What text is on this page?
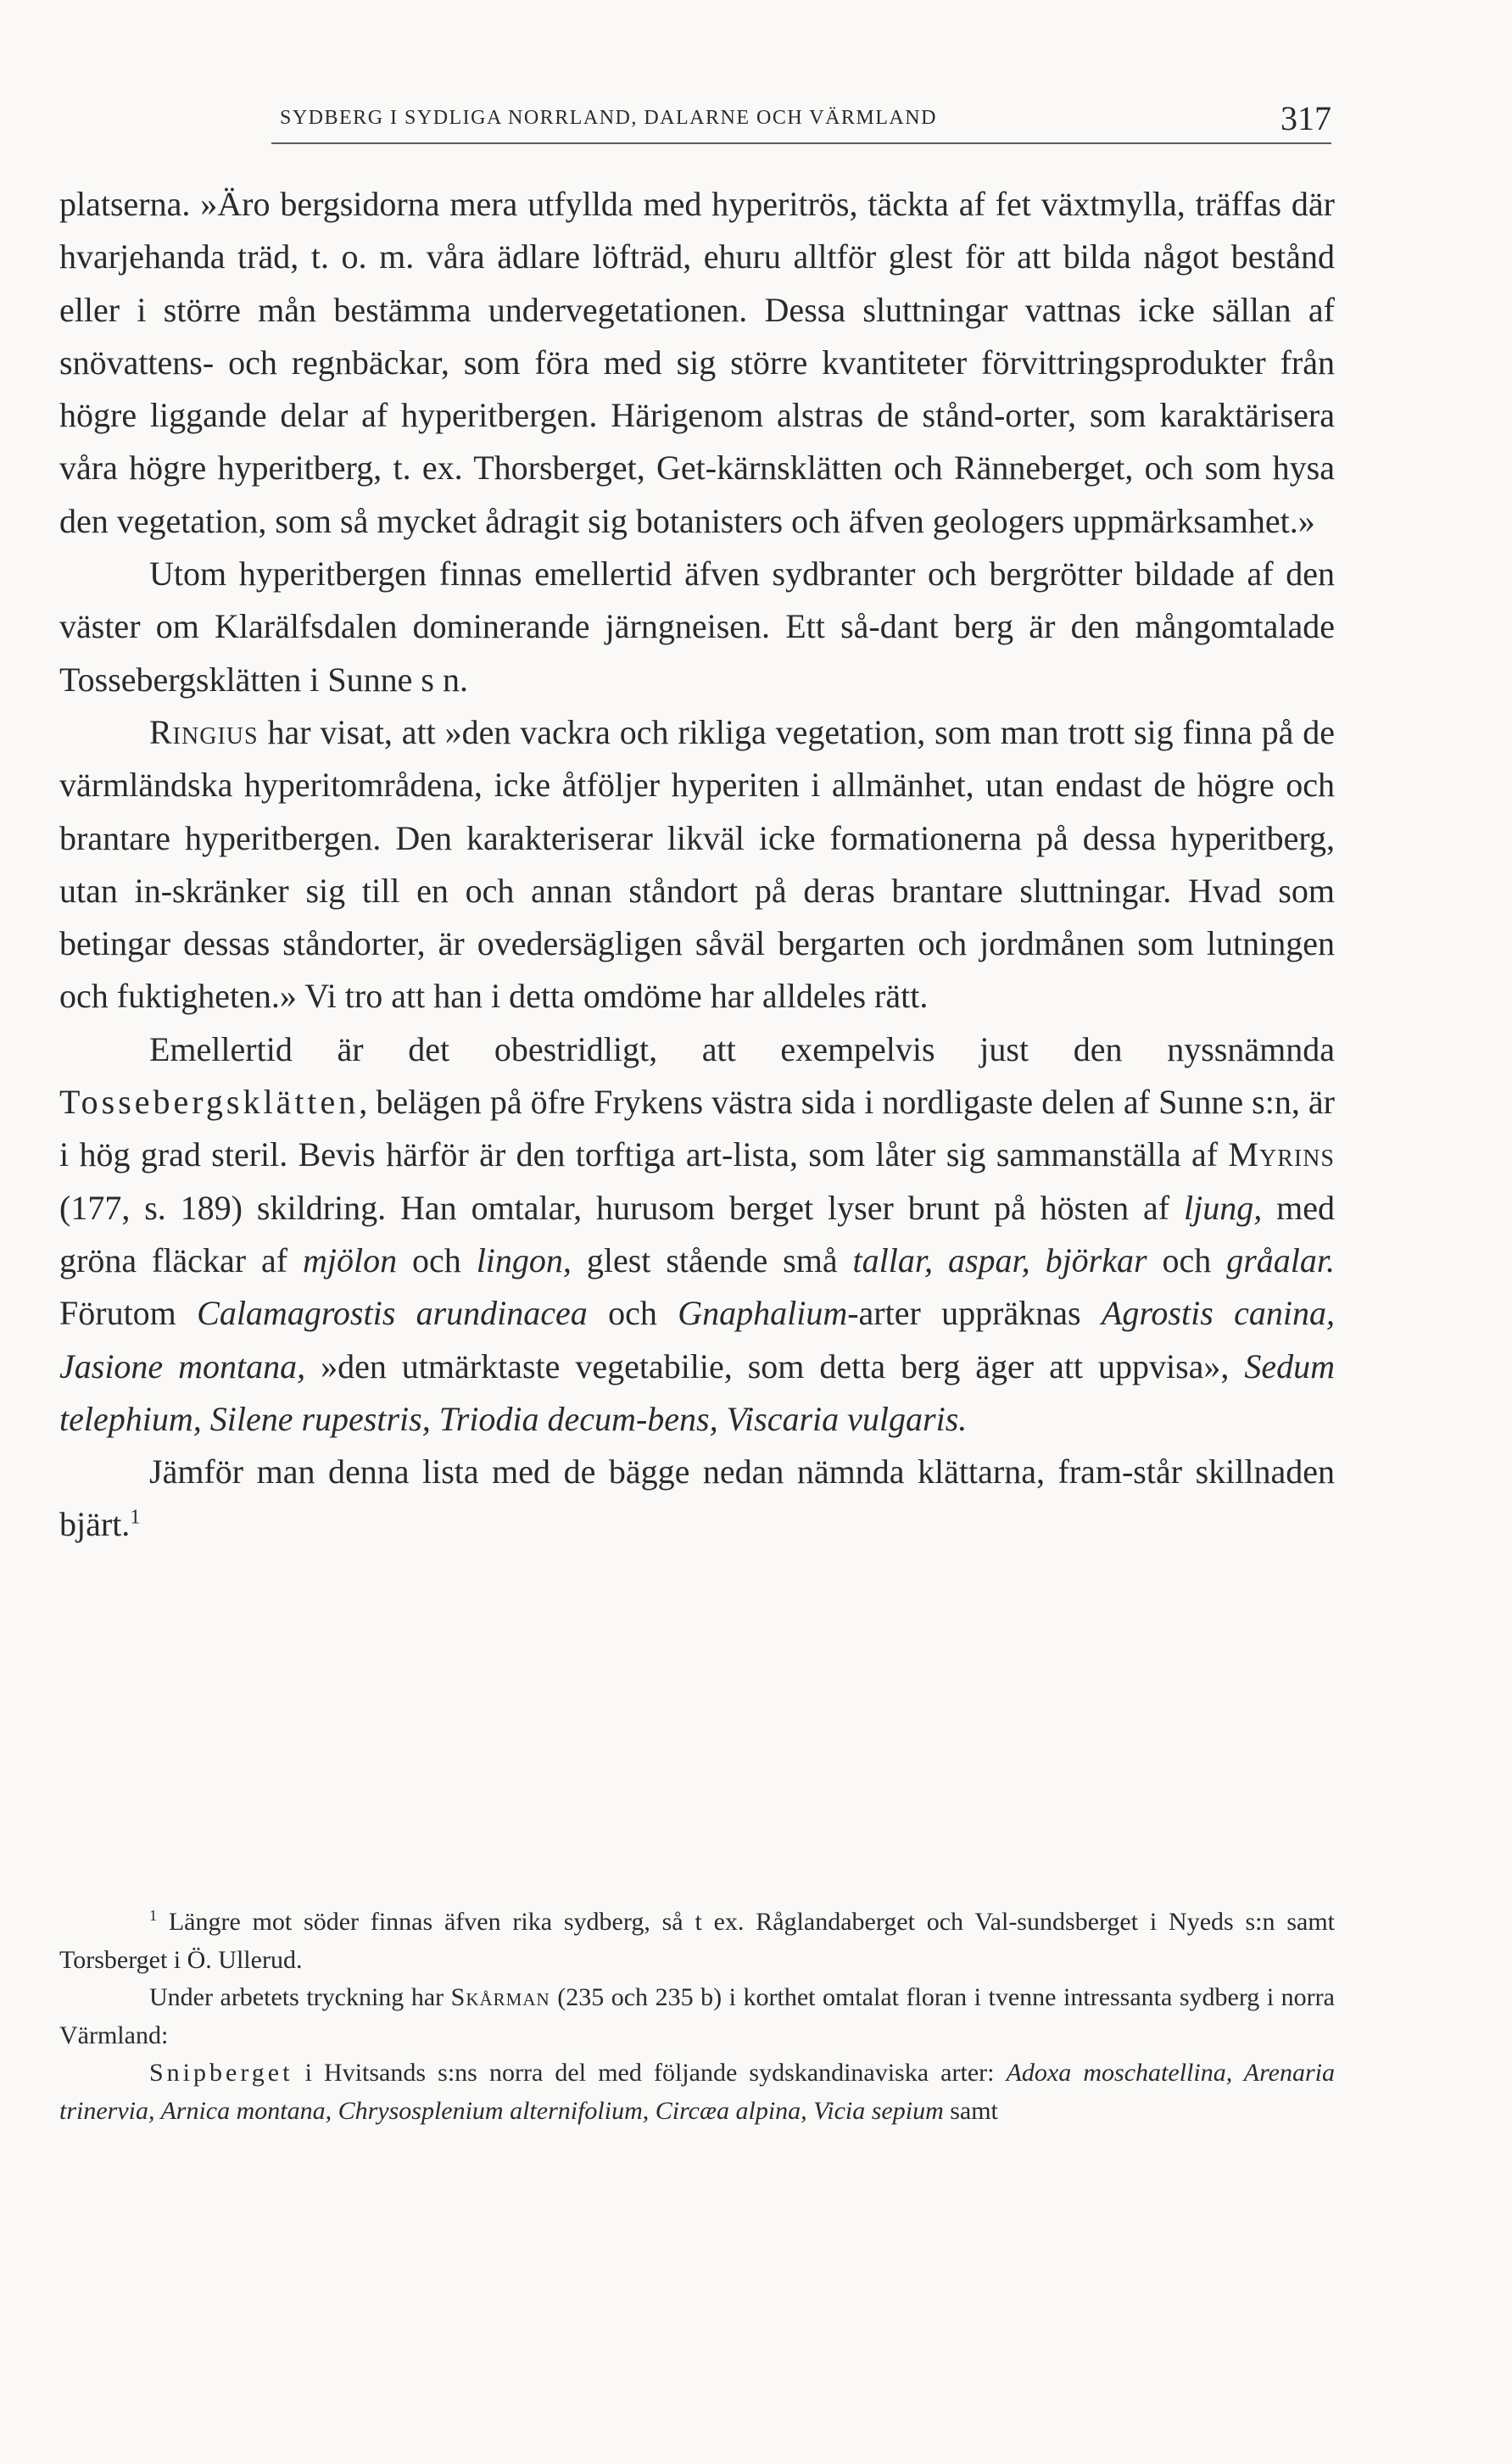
SYDBERG I SYDLIGA NORRLAND, DALARNE OCH VÄRMLAND	317

platserna. »Äro bergsidorna mera utfyllda med hyperitrös, täckta af fet växtmylla, träffas där hvarjehanda träd, t. o. m. våra ädlare löfträd, ehuru alltför glest för att bilda något bestånd eller i större mån bestämma undervegetationen. Dessa sluttningar vattnas icke sällan af snövattens- och regnbäckar, som föra med sig större kvantiteter förvittringsprodukter från högre liggande delar af hyperitbergen. Härigenom alstras de stånd-orter, som karaktärisera våra högre hyperitberg, t. ex. Thorsberget, Get-kärnsklätten och Ränneberget, och som hysa den vegetation, som så mycket ådragit sig botanisters och äfven geologers uppmärksamhet.»

Utom hyperitbergen finnas emellertid äfven sydbranter och bergrötter bildade af den väster om Klarälfsdalen dominerande järngneisen. Ett så-dant berg är den mångomtalade Tossebergsklätten i Sunne s n.

Ringius har visat, att »den vackra och rikliga vegetation, som man trott sig finna på de värmländska hyperitområdena, icke åtföljer hyperiten i allmänhet, utan endast de högre och brantare hyperitbergen. Den karakteriserar likväl icke formationerna på dessa hyperitberg, utan in-skränker sig till en och annan ståndort på deras brantare sluttningar. Hvad som betingar dessas ståndorter, är ovedersägligen såväl bergarten och jordmånen som lutningen och fuktigheten.» Vi tro att han i detta omdöme har alldeles rätt.

Emellertid är det obestridligt, att exempelvis just den nyssnämnda Tossebergsklätten, belägen på öfre Frykens västra sida i nordligaste delen af Sunne s:n, är i hög grad steril. Bevis härför är den torftiga art-lista, som låter sig sammanställa af Myrins (177, s. 189) skildring. Han omtalar, hurusom berget lyser brunt på hösten af ljung, med gröna fläckar af mjölon och lingon, glest stående små tallar, aspar, björkar och gråalar. Förutom Calamagrostis arundinacea och Gnaphalium-arter uppräknas Agrostis canina, Jasione montana, »den utmärktaste vegetabilie, som detta berg äger att uppvisa», Sedum telephium, Silene rupestris, Triodia decum-bens, Viscaria vulgaris.

Jämför man denna lista med de bägge nedan nämnda klättarna, fram-står skillnaden bjärt.$^1$

$^1$ Längre mot söder finnas äfven rika sydberg, så t ex. Råglandaberget och Val-sundsberget i Nyeds s:n samt Torsberget i Ö. Ullerud.

Under arbetets tryckning har Skårman (235 och 235 b) i korthet omtalat floran i tvenne intressanta sydberg i norra Värmland:

Snipberget i Hvitsands s:ns norra del med följande sydskandinaviska arter: Adoxa moschatellina, Arenaria trinervia, Arnica montana, Chrysosplenium alternifolium, Circæa alpina, Vicia sepium samt
